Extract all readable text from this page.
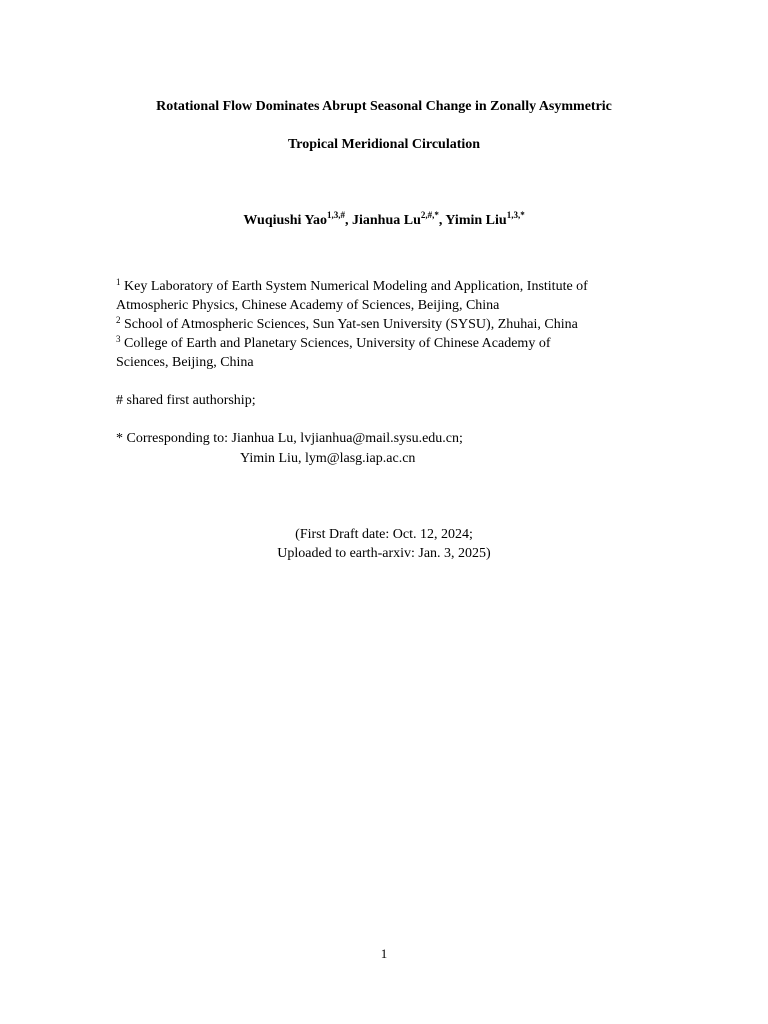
Rotational Flow Dominates Abrupt Seasonal Change in Zonally Asymmetric
Tropical Meridional Circulation
Wuqiushi Yao$^{1,3,\#}$, Jianhua $Lu^{2,\#,*}$, Yimin Liu$^{1,3,*}$
$^1$ Key Laboratory of Earth System Numerical Modeling and Application, Institute of
Atmospheric Physics, Chinese Academy of Sciences, Beijing, China
$^2$ School of Atmospheric Sciences, Sun Yat-sen University (SYSU), Zhuhai, China
$^3$ College of Earth and Planetary Sciences, University of Chinese Academy of
Sciences, Beijing, China
# shared first authorship;
* Corresponding to: Jianhua Lu, lvjianhua@mail.sysu.edu.cn;
Yimin Liu, lym@lasg.iap.ac.cn
(First Draft date: Oct. 12, 2024;
Uploaded to earth-arxiv: Jan. 3, 2025)
1
